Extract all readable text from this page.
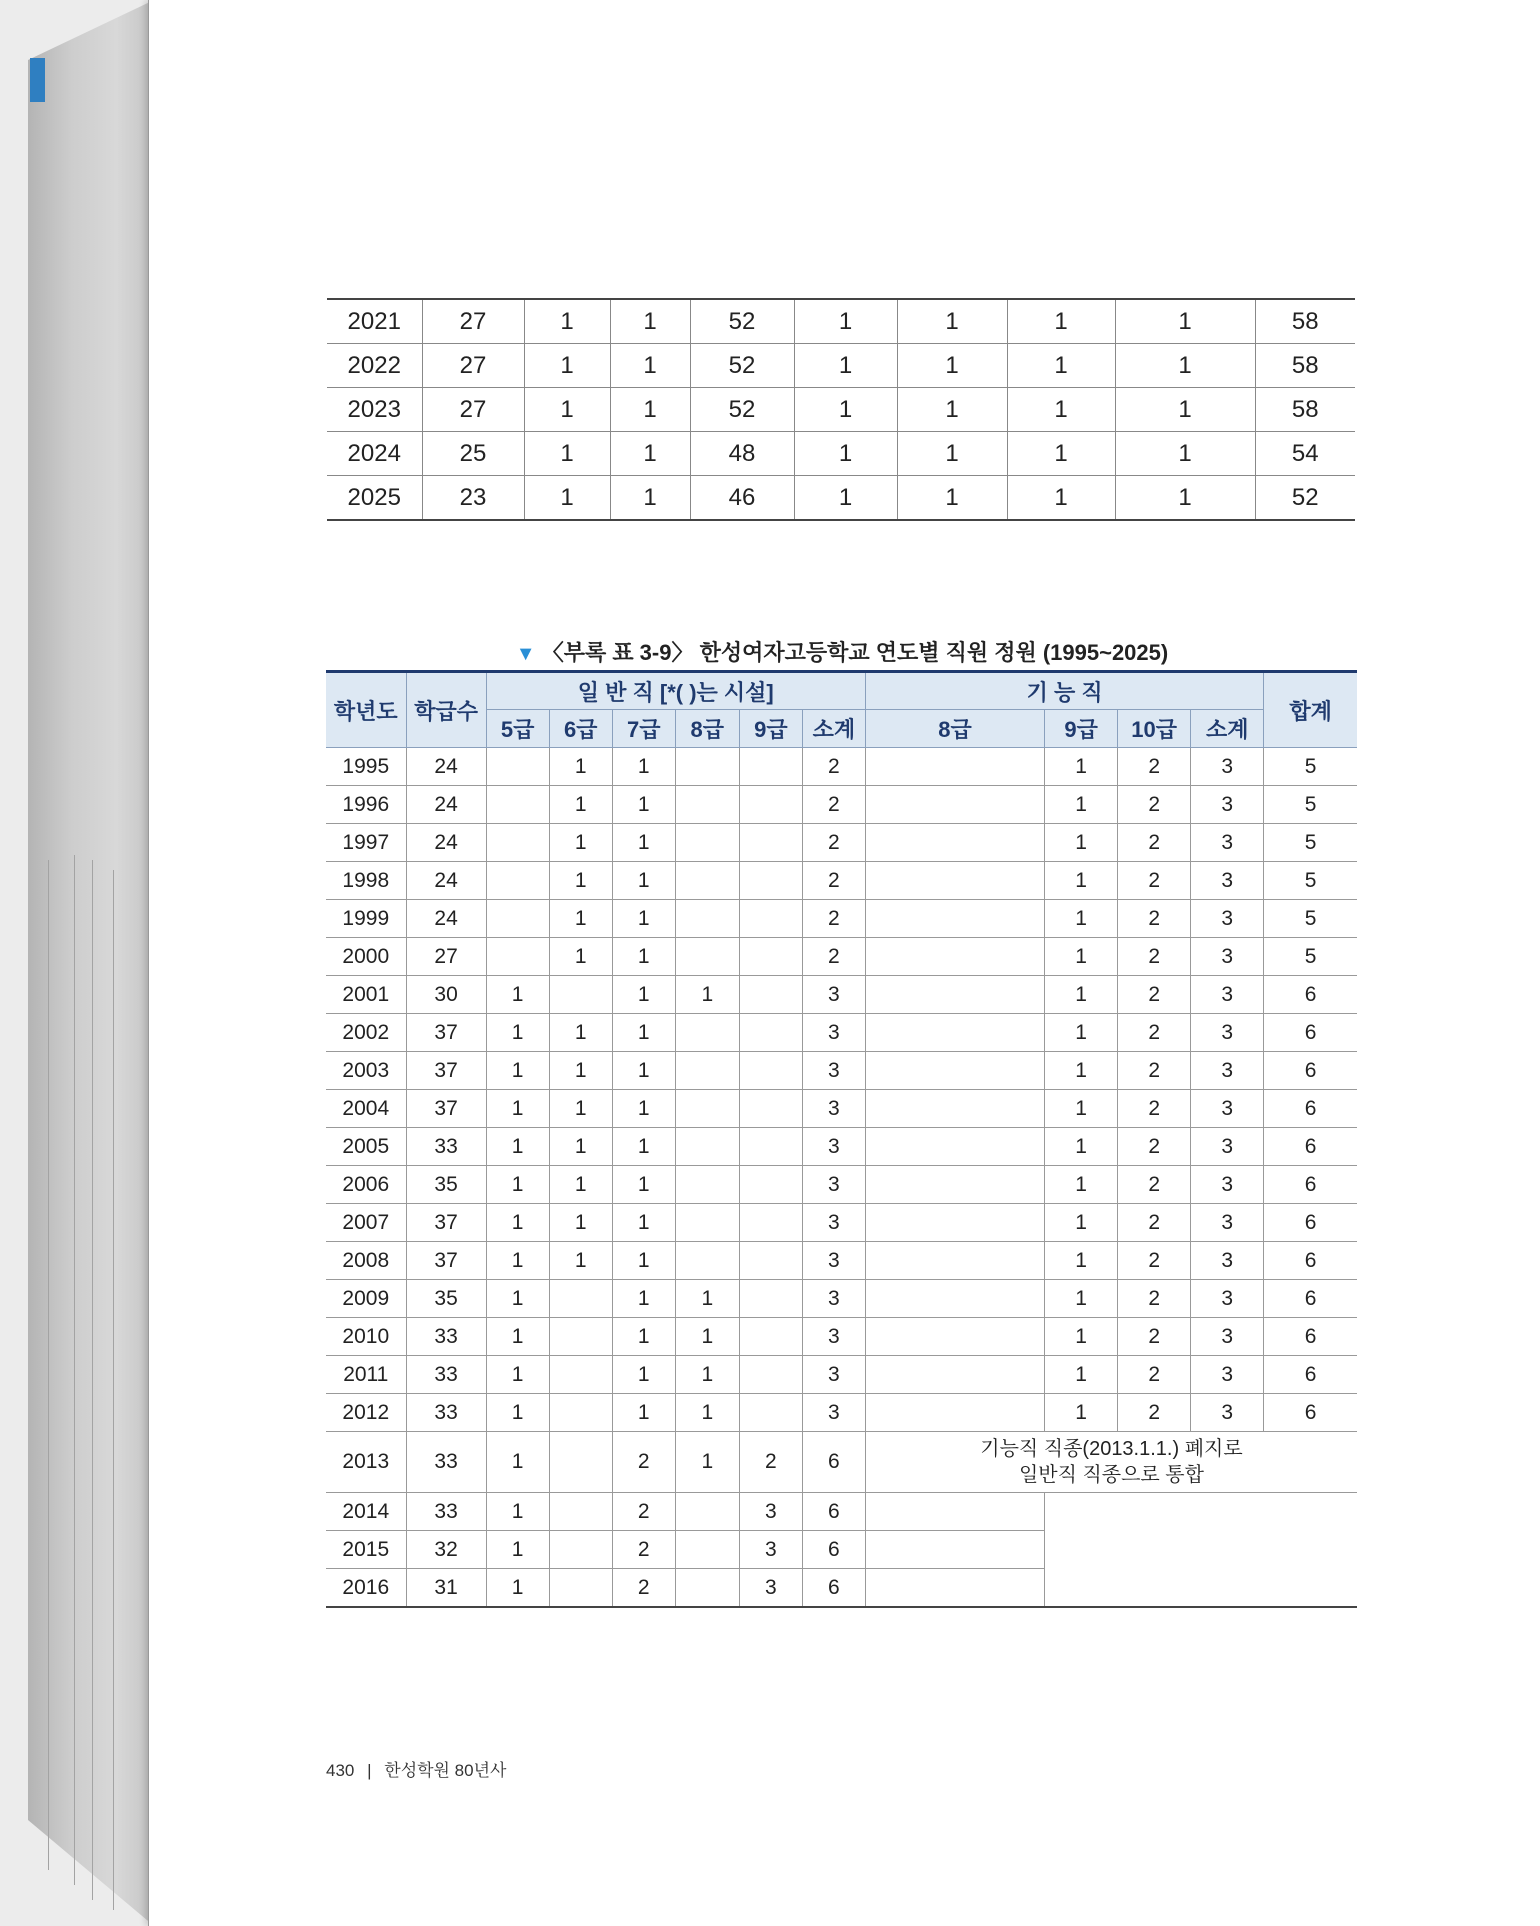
2021	27	1	1	52	1	1	1	1	58
2022	27	1	1	52	1	1	1	1	58
2023	27	1	1	52	1	1	1	1	58
2024	25	1	1	48	1	1	1	1	54
2025	23	1	1	46	1	1	1	1	52
▼ 〈부록 표 3-9〉 한성여자고등학교 연도별 직원 정원 (1995~2025)
학년도	학급수	일 반 직 [*( )는 시설]						기 능 직				합계
		5급	6급	7급	8급	9급	소계	8급	9급	10급	소계	
1995	24		1	1			2		1	2	3	5
1996	24		1	1			2		1	2	3	5
1997	24		1	1			2		1	2	3	5
1998	24		1	1			2		1	2	3	5
1999	24		1	1			2		1	2	3	5
2000	27		1	1			2		1	2	3	5
2001	30	1		1	1		3		1	2	3	6
2002	37	1	1	1			3		1	2	3	6
2003	37	1	1	1			3		1	2	3	6
2004	37	1	1	1			3		1	2	3	6
2005	33	1	1	1			3		1	2	3	6
2006	35	1	1	1			3		1	2	3	6
2007	37	1	1	1			3		1	2	3	6
2008	37	1	1	1			3		1	2	3	6
2009	35	1		1	1		3		1	2	3	6
2010	33	1		1	1		3		1	2	3	6
2011	33	1		1	1		3		1	2	3	6
2012	33	1		1	1		3		1	2	3	6
2013	33	1		2	1	2	6	기능직 직종(2013.1.1.) 폐지로
일반직 직종으로 통합				
2014	33	1		2		3	6					
2015	32	1		2		3	6					
2016	31	1		2		3	6					
430 | 한성학원 80년사
